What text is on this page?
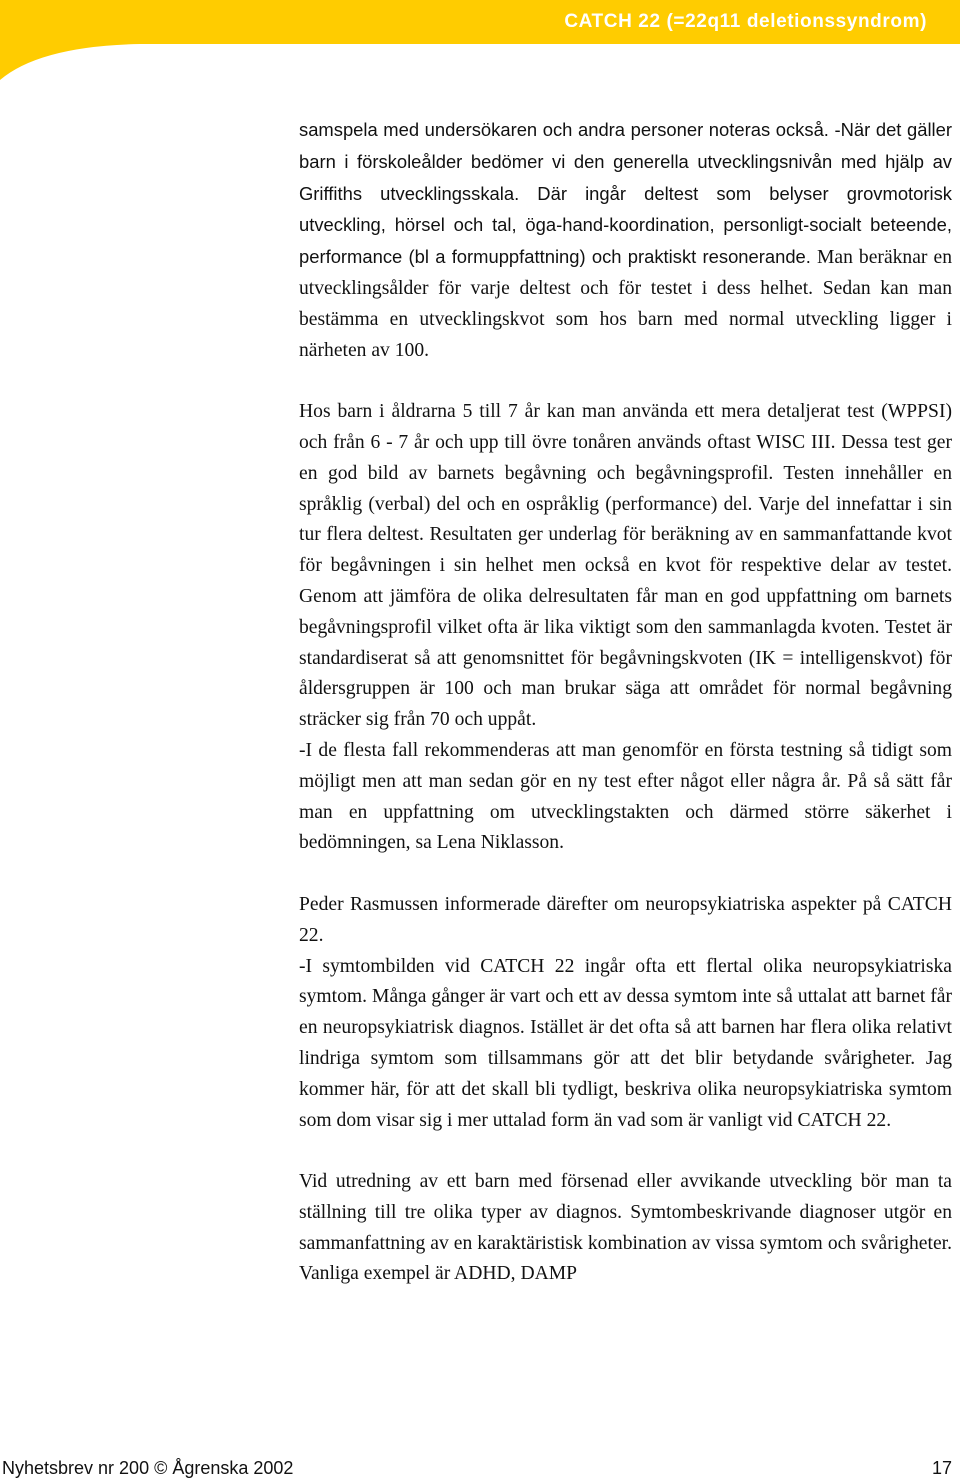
CATCH 22 (=22q11 deletionssyndrom)

samspela med undersökaren och andra personer noteras också. -När det gäller barn i förskoleålder bedömer vi den generella utvecklingsnivån med hjälp av Griffiths utvecklingsskala. Där ingår deltest som belyser grovmotorisk utveckling, hörsel och tal, öga-hand-koordination, personligt-socialt beteende, performance (bl a formuppfattning) och praktiskt resonerande. Man beräknar en utvecklingsålder för varje deltest och för testet i dess helhet. Sedan kan man bestämma en utvecklingskvot som hos barn med normal utveckling ligger i närheten av 100.

Hos barn i åldrarna 5 till 7 år kan man använda ett mera detaljerat test (WPPSI) och från 6 - 7 år och upp till övre tonåren används oftast WISC III. Dessa test ger en god bild av barnets begåvning och begåvningsprofil. Testen innehåller en språklig (verbal) del och en ospråklig (performance) del. Varje del innefattar i sin tur flera deltest. Resultaten ger underlag för beräkning av en sammanfattande kvot för begåvningen i sin helhet men också en kvot för respektive delar av testet. Genom att jämföra de olika delresultaten får man en god uppfattning om barnets begåvningsprofil vilket ofta är lika viktigt som den sammanlagda kvoten. Testet är standardiserat så att genomsnittet för begåvningskvoten (IK = intelligenskvot) för åldersgruppen är 100 och man brukar säga att området för normal begåvning sträcker sig från 70 och uppåt.

-I de flesta fall rekommenderas att man genomför en första testning så tidigt som möjligt men att man sedan gör en ny test efter något eller några år. På så sätt får man en uppfattning om utvecklingstakten och därmed större säkerhet i bedömningen, sa Lena Niklasson.

Peder Rasmussen informerade därefter om neuropsykiatriska aspekter på CATCH 22.

-I symtombilden vid CATCH 22 ingår ofta ett flertal olika neuropsykiatriska symtom. Många gånger är vart och ett av dessa symtom inte så uttalat att barnet får en neuropsykiatrisk diagnos. Istället är det ofta så att barnen har flera olika relativt lindriga symtom som tillsammans gör att det blir betydande svårigheter. Jag kommer här, för att det skall bli tydligt, beskriva olika neuropsykiatriska symtom som dom visar sig i mer uttalad form än vad som är vanligt vid CATCH 22.

Vid utredning av ett barn med försenad eller avvikande utveckling bör man ta ställning till tre olika typer av diagnos. Symtombeskrivande diagnoser utgör en sammanfattning av en karaktäristisk kombination av vissa symtom och svårigheter. Vanliga exempel är ADHD, DAMP

Nyhetsbrev nr 200 © Ågrenska 2002	17
